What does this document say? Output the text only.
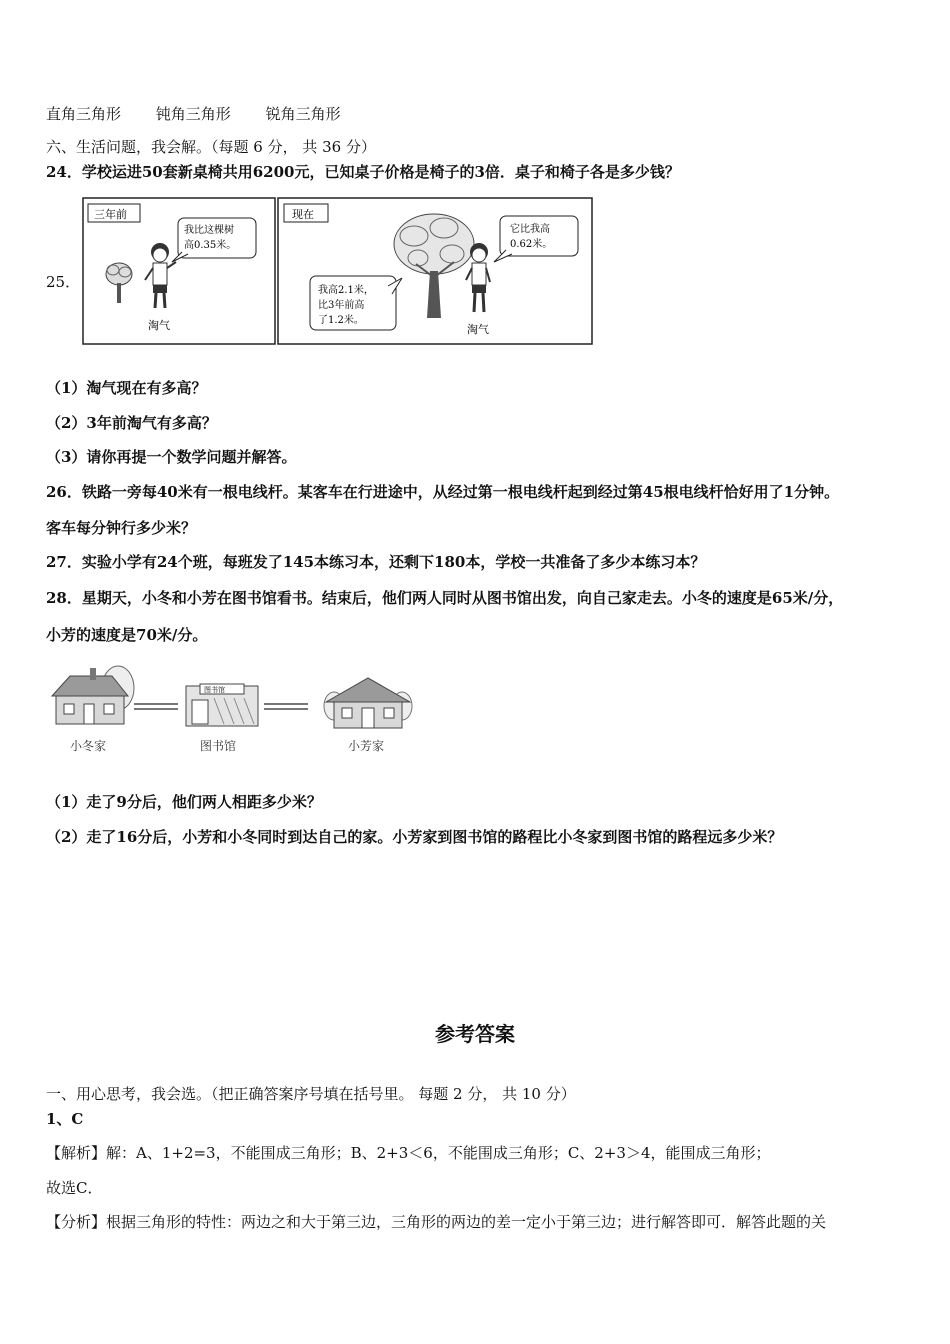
直角三角形 钝角三角形 锐角三角形
六、生活问题，我会解。（每题 6 分， 共 36 分）
24．学校运进50套新桌椅共用6200元，已知桌子价格是椅子的3倍．桌子和椅子各是多少钱？
25．
三年前
我比这棵树
高0.35米。
淘气
现在
它比我高
0.62米。
我高2.1米，
比3年前高
了1.2米。
淘气
（1）淘气现在有多高？
（2）3年前淘气有多高？
（3）请你再提一个数学问题并解答。
26．铁路一旁每40米有一根电线杆。某客车在行进途中，从经过第一根电线杆起到经过第45根电线杆恰好用了1分钟。
客车每分钟行多少米？
27．实验小学有24个班，每班发了145本练习本，还剩下180本，学校一共准备了多少本练习本？
28．星期天，小冬和小芳在图书馆看书。结束后，他们两人同时从图书馆出发，向自己家走去。小冬的速度是65米/分，
小芳的速度是70米/分。
图书馆
小冬家	图书馆	小芳家
（1）走了9分后，他们两人相距多少米？
（2）走了16分后，小芳和小冬同时到达自己的家。小芳家到图书馆的路程比小冬家到图书馆的路程远多少米？
参考答案
一、用心思考，我会选。（把正确答案序号填在括号里。 每题 2 分， 共 10 分）
1、C
【解析】解：A、1+2=3，不能围成三角形；B、2+3＜6，不能围成三角形；C、2+3＞4，能围成三角形；
故选C．
【分析】根据三角形的特性：两边之和大于第三边，三角形的两边的差一定小于第三边；进行解答即可．解答此题的关
